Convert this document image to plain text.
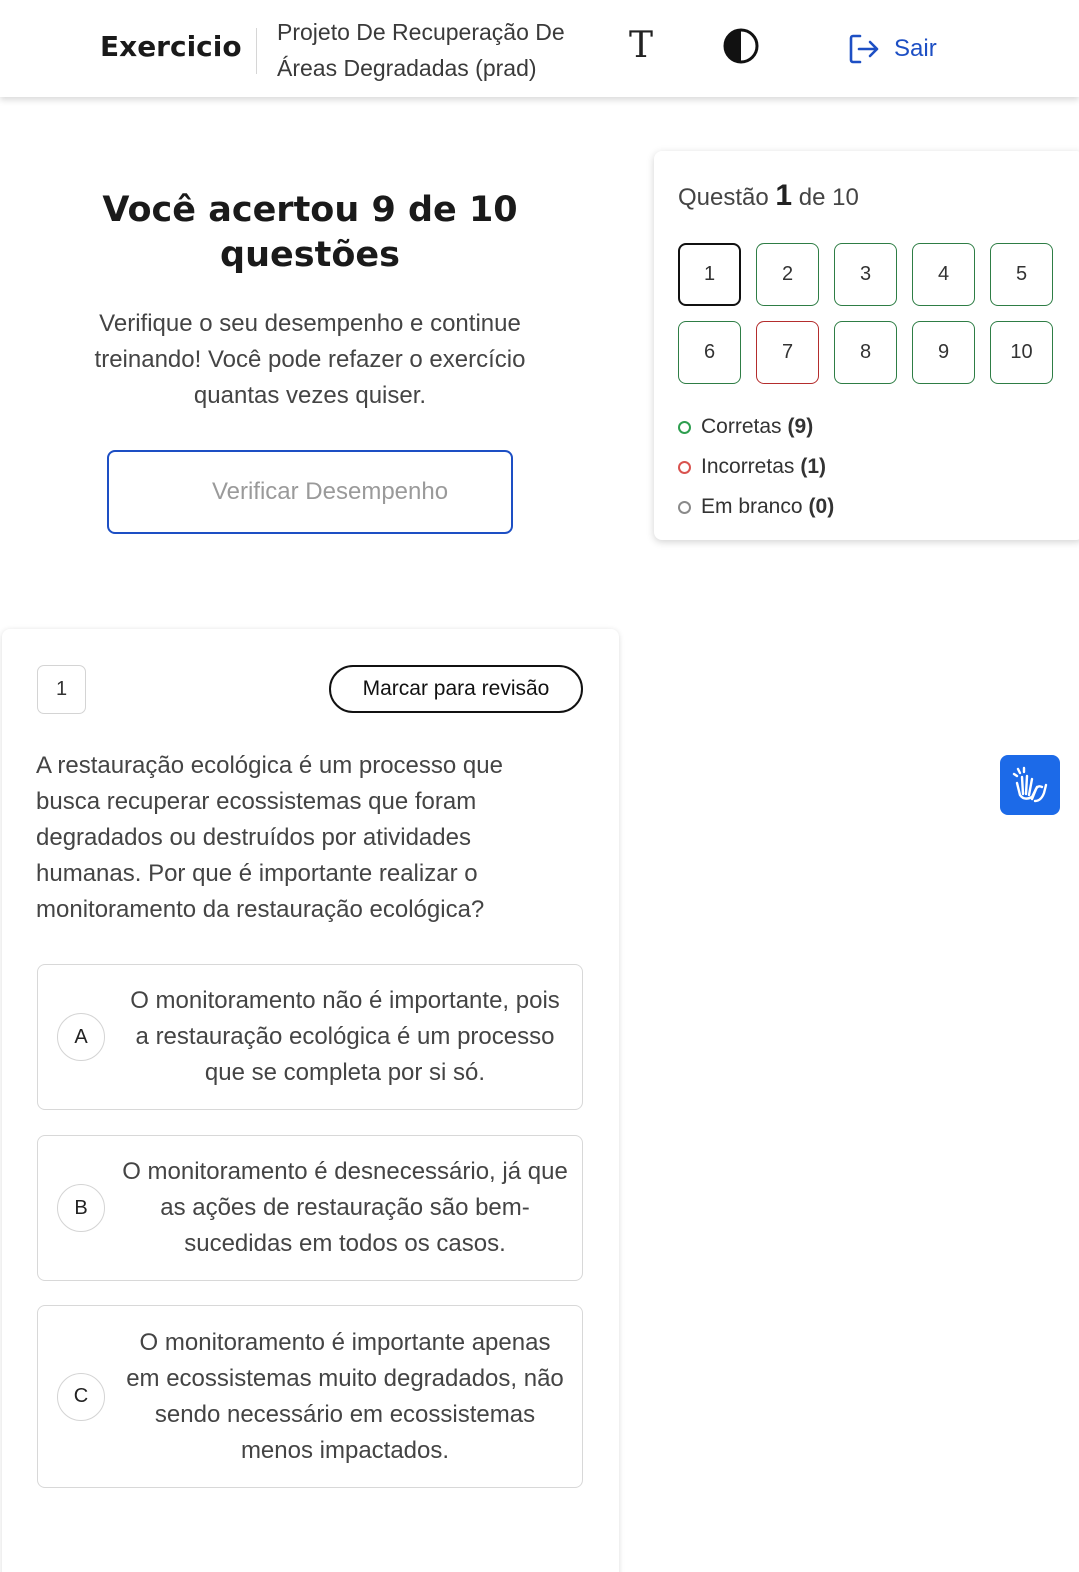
Exercicio Projeto De Recuperação De Áreas Degradadas (prad)
T	Sair
Você acertou 9 de 10 questões
Verifique o seu desempenho e continue treinando! Você pode refazer o exercício quantas vezes quiser.
Verificar Desempenho
Questão 1 de 10
1	2	3	4	5
6	7	8	9	10
Corretas (9)
Incorretas (1)
Em branco (0)
1	Marcar para revisão
A restauração ecológica é um processo que busca recuperar ecossistemas que foram degradados ou destruídos por atividades humanas. Por que é importante realizar o monitoramento da restauração ecológica?
A
O monitoramento não é importante, pois a restauração ecológica é um processo que se completa por si só.
B
O monitoramento é desnecessário, já que as ações de restauração são bem-sucedidas em todos os casos.
C
O monitoramento é importante apenas em ecossistemas muito degradados, não sendo necessário em ecossistemas menos impactados.
